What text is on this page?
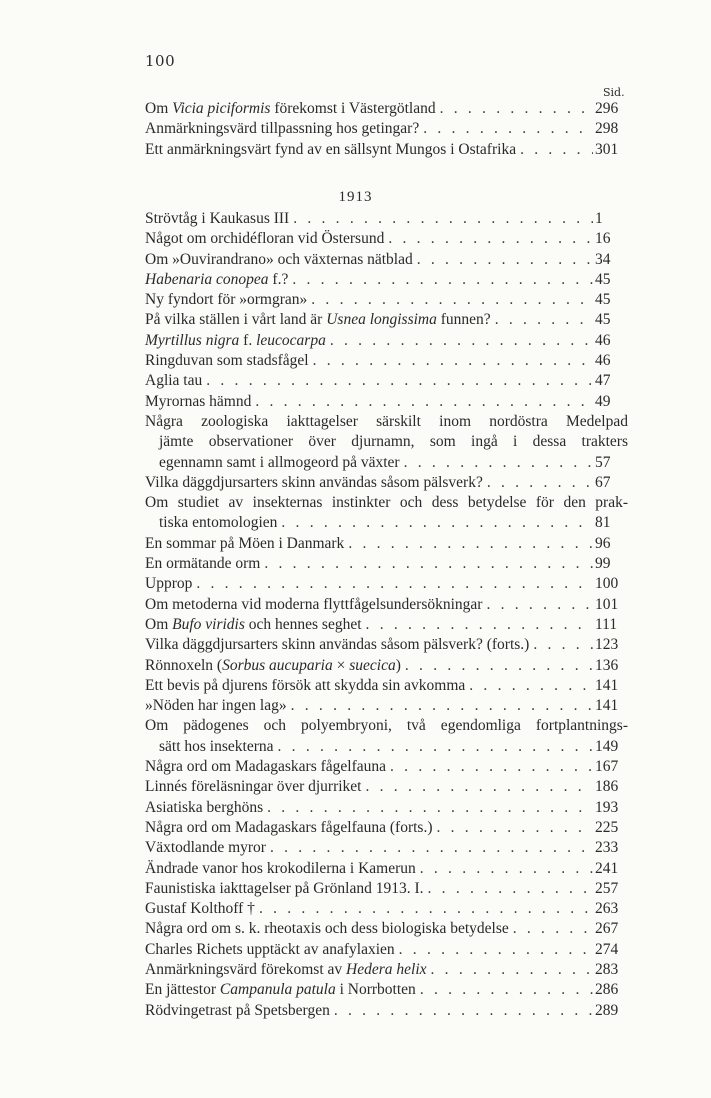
100
Sid.
Om Vicia piciformis förekomst i Västergötland . . .	296
Anmärkningsvärd tillpassning hos getingar? . . .	298
Ett anmärkningsvärt fynd av en sällsynt Mungos i Ostafrika . . .	301
1913
Strövtåg i Kaukasus III . . .	1
Något om orchidéfloran vid Östersund . . .	16
Om »Ouvirandrano» och växternas nätblad . . .	34
Habenaria conopea f.? . . .	45
Ny fyndort för »ormgran» . . .	45
På vilka ställen i vårt land är Usnea longissima funnen? . . .	45
Myrtillus nigra f. leucocarpa . . .	46
Ringduvan som stadsfågel . . .	46
Aglia tau . . .	47
Myrornas hämnd . . .	49
Några zoologiska iakttagelser särskilt inom nordöstra Medelpad
jämte observationer över djurnamn, som ingå i dessa trakters
egennamn samt i allmogeord på växter . . .	57
Vilka däggdjursarters skinn användas såsom pälsverk? . . .	67
Om studiet av insekternas instinkter och dess betydelse för den prak-
tiska entomologien . . .	81
En sommar på Möen i Danmark . . .	96
En ormätande orm . . .	99
Upprop . . .	100
Om metoderna vid moderna flyttfågelsundersökningar . . .	101
Om Bufo viridis och hennes seghet . . .	111
Vilka däggdjursarters skinn användas såsom pälsverk? (forts.) . . .	123
Rönnoxeln (Sorbus aucuparia × suecica) . . .	136
Ett bevis på djurens försök att skydda sin avkomma . . .	141
»Nöden har ingen lag» . . .	141
Om pädogenes och polyembryoni, två egendomliga fortplantnings-
sätt hos insekterna . . .	149
Några ord om Madagaskars fågelfauna . . .	167
Linnés föreläsningar över djurriket . . .	186
Asiatiska berghöns . . .	193
Några ord om Madagaskars fågelfauna (forts.) . . .	225
Växtodlande myror . . .	233
Ändrade vanor hos krokodilerna i Kamerun . . .	241
Faunistiska iakttagelser på Grönland 1913. I. . . .	257
Gustaf Kolthoff † . . .	263
Några ord om s. k. rheotaxis och dess biologiska betydelse . . .	267
Charles Richets upptäckt av anafylaxien . . .	274
Anmärkningsvärd förekomst av Hedera helix . . .	283
En jättestor Campanula patula i Norrbotten . . .	286
Rödvingetrast på Spetsbergen . . .	289
